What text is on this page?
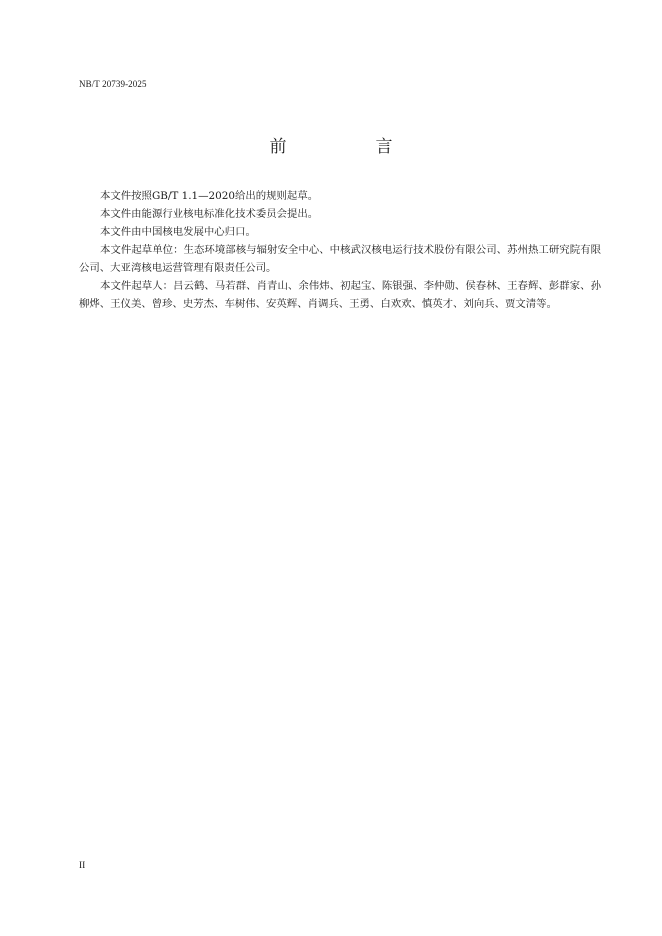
NB/T 20739-2025
前　言

本文件按照GB/T 1.1—2020给出的规则起草。

本文件由能源行业核电标准化技术委员会提出。

本文件由中国核电发展中心归口。

本文件起草单位：生态环境部核与辐射安全中心、中核武汉核电运行技术股份有限公司、苏州热工研究院有限公司、大亚湾核电运营管理有限责任公司。

本文件起草人：吕云鹤、马若群、肖青山、余伟炜、初起宝、陈银强、李仲勋、侯春林、王春辉、彭群家、孙柳烨、王仪美、曾珍、史芳杰、车树伟、安英辉、肖调兵、王勇、白欢欢、慎英才、刘向兵、贾文清等。

II
